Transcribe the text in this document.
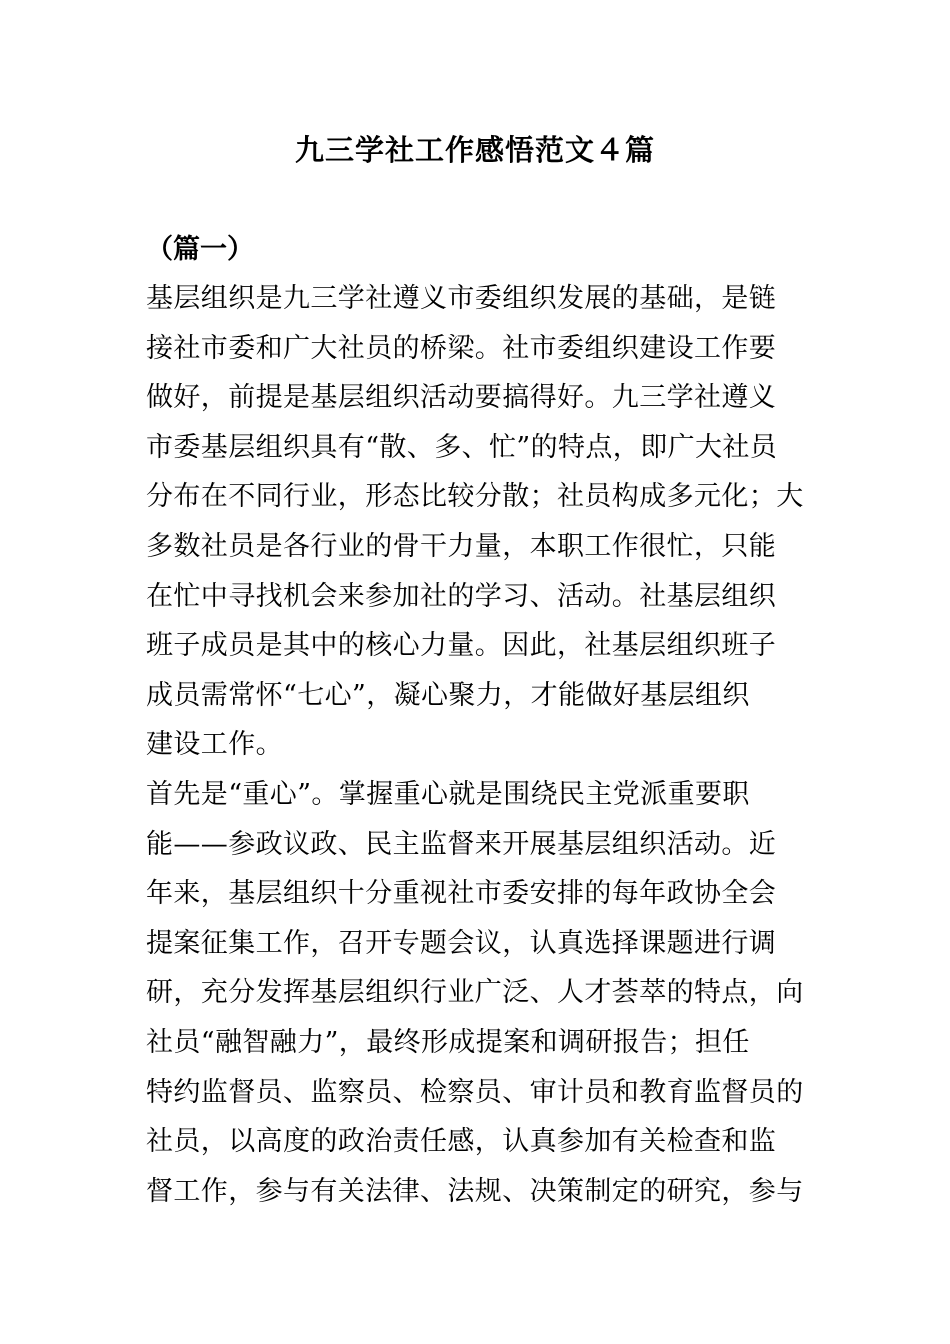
九三学社工作感悟范文４篇
（篇一）
基层组织是九三学社遵义市委组织发展的基础，是链
接社市委和广大社员的桥梁。社市委组织建设工作要
做好，前提是基层组织活动要搞得好。九三学社遵义
市委基层组织具有“散、多、忙”的特点，即广大社员
分布在不同行业，形态比较分散；社员构成多元化；大
多数社员是各行业的骨干力量，本职工作很忙，只能
在忙中寻找机会来参加社的学习、活动。社基层组织
班子成员是其中的核心力量。因此，社基层组织班子
成员需常怀“七心”，凝心聚力，才能做好基层组织
建设工作。
首先是“重心”。掌握重心就是围绕民主党派重要职
能——参政议政、民主监督来开展基层组织活动。近
年来，基层组织十分重视社市委安排的每年政协全会
提案征集工作，召开专题会议，认真选择课题进行调
研，充分发挥基层组织行业广泛、人才荟萃的特点，向
社员“融智融力”，最终形成提案和调研报告；担任
特约监督员、监察员、检察员、审计员和教育监督员的
社员，以高度的政治责任感，认真参加有关检查和监
督工作，参与有关法律、法规、决策制定的研究，参与
